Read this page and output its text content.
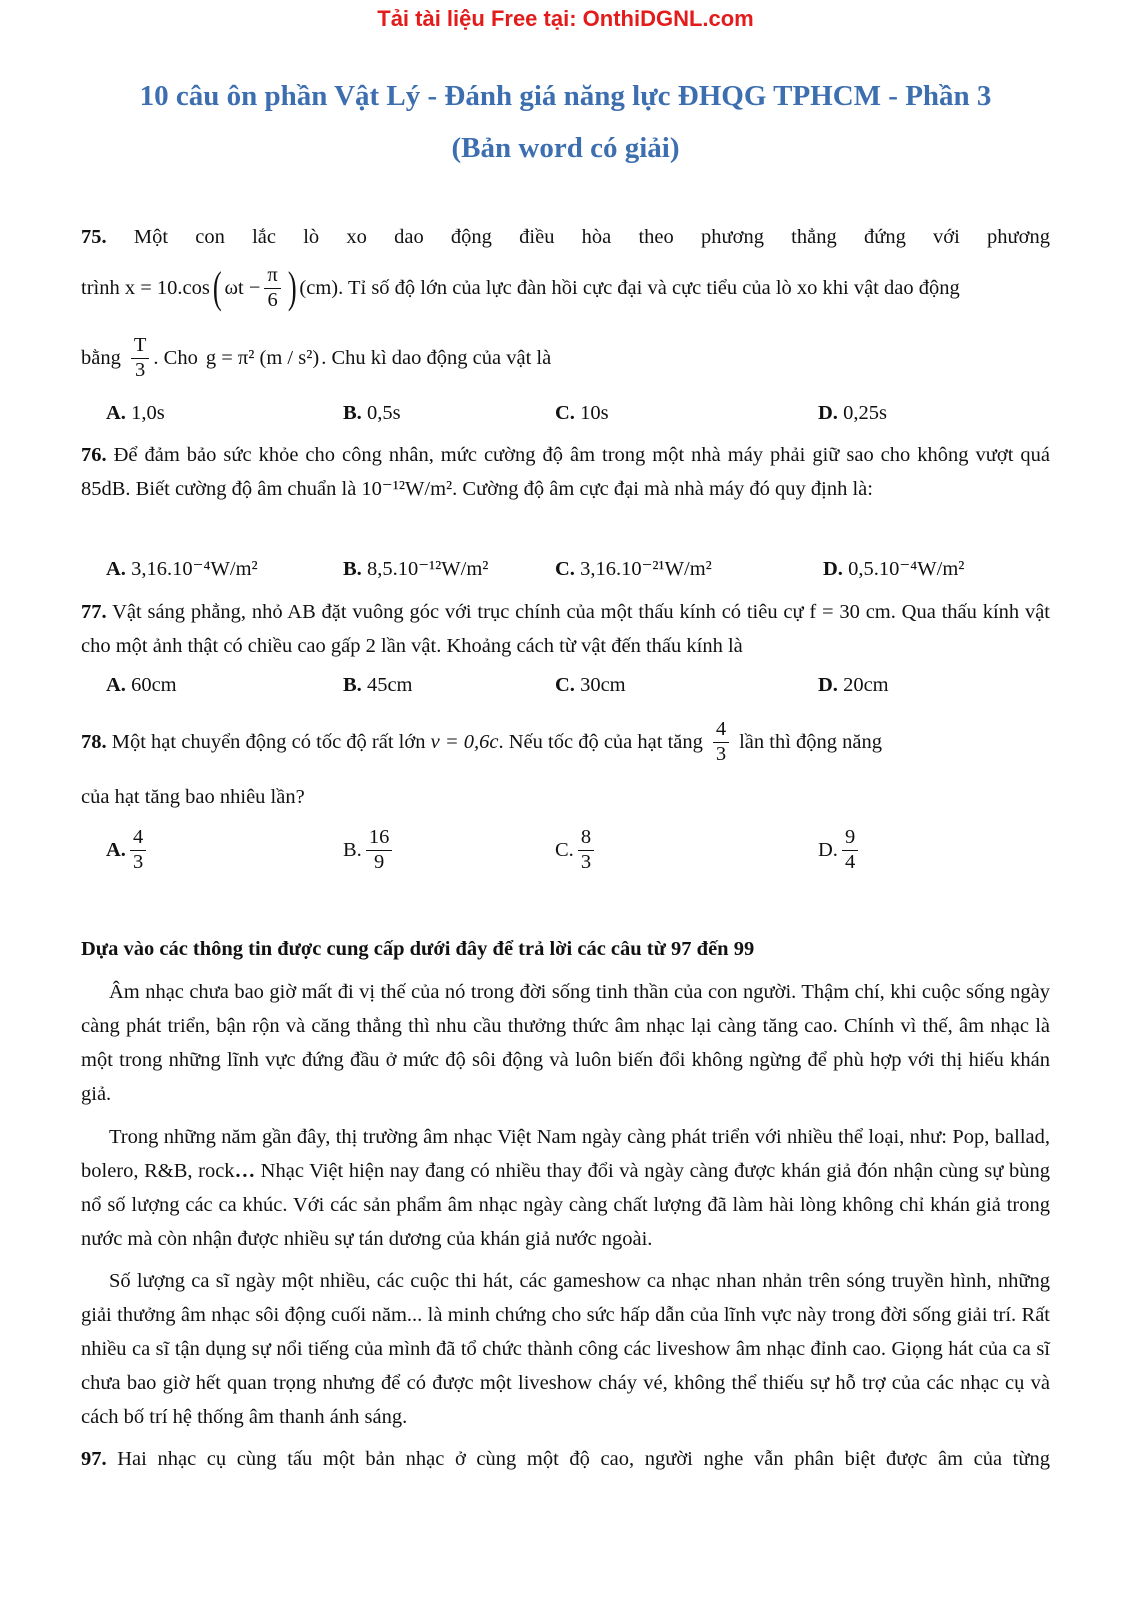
Tải tài liệu Free tại: OnthiDGNL.com
10 câu ôn phần Vật Lý - Đánh giá năng lực ĐHQG TPHCM - Phần 3
(Bản word có giải)
75. Một con lắc lò xo dao động điều hòa theo phương thẳng đứng với phương
trình x = 10.cos ( $\omega t - \frac{\pi}{6}$ ) (cm) . Tỉ số độ lớn của lực đàn hồi cực đại và cực tiểu của lò xo khi vật dao động
bằng $\frac{T}{3}$ . Cho g = π² (m / s²) . Chu kì dao động của vật là
A. 1,0s	B. 0,5s	C. 10s	D. 0,25s
76. Để đảm bảo sức khỏe cho công nhân, mức cường độ âm trong một nhà máy phải giữ sao cho không vượt quá 85dB. Biết cường độ âm chuẩn là 10⁻¹²W/m². Cường độ âm cực đại mà nhà máy đó quy định là:
A. 3,16.10⁻⁴W/m²	B. 8,5.10⁻¹²W/m²	C. 3,16.10⁻²¹W/m²	D. 0,5.10⁻⁴W/m²
77. Vật sáng phẳng, nhỏ AB đặt vuông góc với trục chính của một thấu kính có tiêu cự f = 30 cm. Qua thấu kính vật cho một ảnh thật có chiều cao gấp 2 lần vật. Khoảng cách từ vật đến thấu kính là
A. 60cm	B. 45cm	C. 30cm	D. 20cm
78.
Một hạt chuyển động có tốc độ rất lớn
v = 0,6c . Nếu tốc độ của hạt tăng $\frac{4}{3}$ lần thì động năng
của hạt tăng bao nhiêu lần?
A. $\frac{4}{3}$	B. $\frac{16}{9}$	C. $\frac{8}{3}$	D. $\frac{9}{4}$
Dựa vào các thông tin được cung cấp dưới đây để trả lời các câu từ 97 đến 99
Âm nhạc chưa bao giờ mất đi vị thế của nó trong đời sống tinh thần của con người. Thậm chí, khi cuộc sống ngày càng phát triển, bận rộn và căng thẳng thì nhu cầu thưởng thức âm nhạc lại càng tăng cao. Chính vì thế, âm nhạc là một trong những lĩnh vực đứng đầu ở mức độ sôi động và luôn biến đổi không ngừng để phù hợp với thị hiếu khán giả.
Trong những năm gần đây, thị trường âm nhạc Việt Nam ngày càng phát triển với nhiều thể loại, như: Pop, ballad, bolero, R&B, rock… Nhạc Việt hiện nay đang có nhiều thay đổi và ngày càng được khán giả đón nhận cùng sự bùng nổ số lượng các ca khúc. Với các sản phẩm âm nhạc ngày càng chất lượng đã làm hài lòng không chỉ khán giả trong nước mà còn nhận được nhiều sự tán dương của khán giả nước ngoài.
Số lượng ca sĩ ngày một nhiều, các cuộc thi hát, các gameshow ca nhạc nhan nhản trên sóng truyền hình, những giải thưởng âm nhạc sôi động cuối năm... là minh chứng cho sức hấp dẫn của lĩnh vực này trong đời sống giải trí. Rất nhiều ca sĩ tận dụng sự nổi tiếng của mình đã tổ chức thành công các liveshow âm nhạc đỉnh cao. Giọng hát của ca sĩ chưa bao giờ hết quan trọng nhưng để có được một liveshow cháy vé, không thể thiếu sự hỗ trợ của các nhạc cụ và cách bố trí hệ thống âm thanh ánh sáng.
97. Hai nhạc cụ cùng tấu một bản nhạc ở cùng một độ cao, người nghe vẫn phân biệt được âm của từng
